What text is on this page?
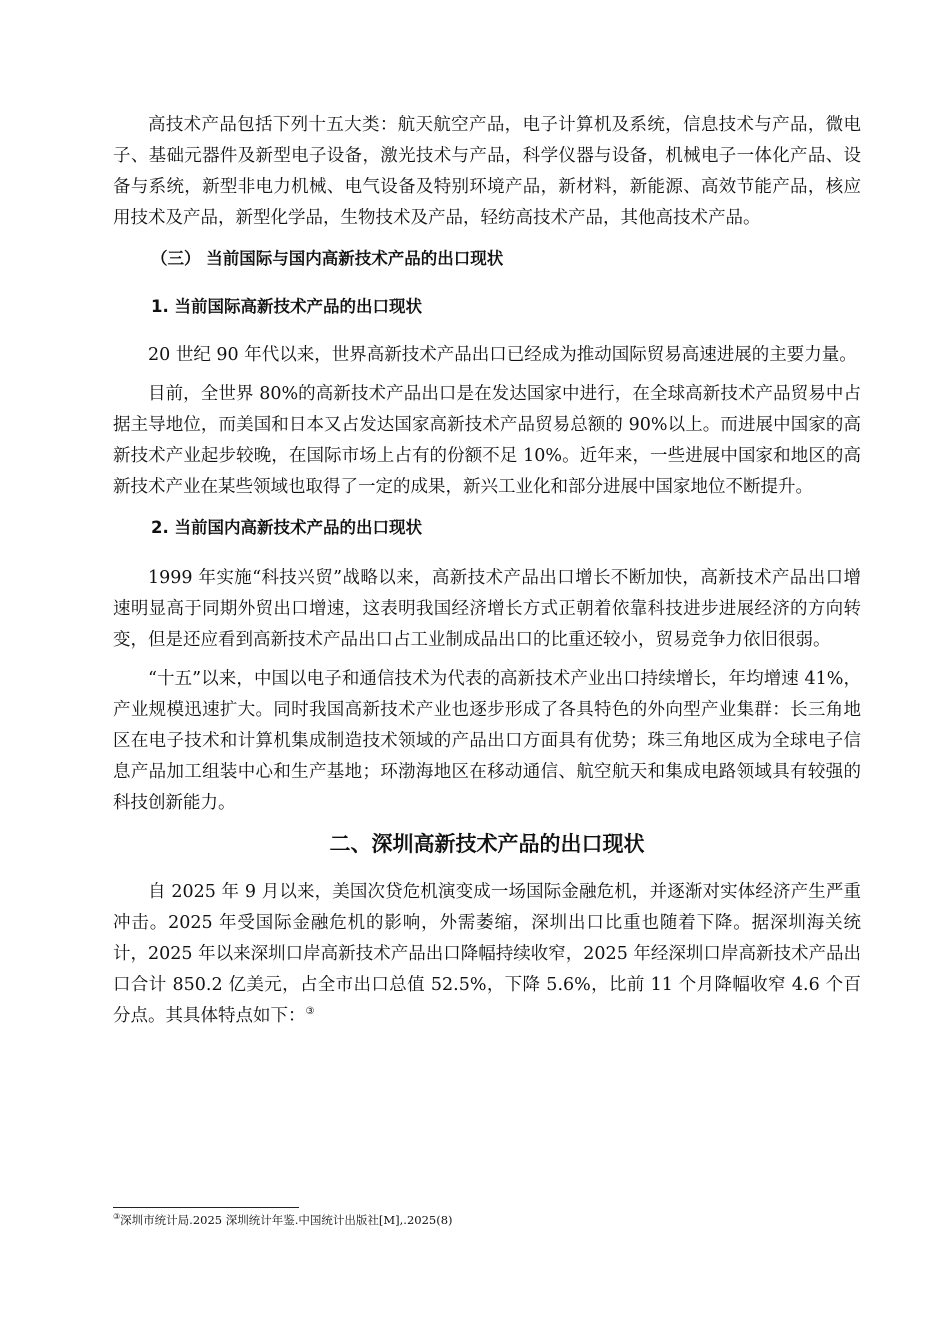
高技术产品包括下列十五大类：航天航空产品，电子计算机及系统，信息技术与产品，微电子、基础元器件及新型电子设备，激光技术与产品，科学仪器与设备，机械电子一体化产品、设备与系统，新型非电力机械、电气设备及特别环境产品，新材料，新能源、高效节能产品，核应用技术及产品，新型化学品，生物技术及产品，轻纺高技术产品，其他高技术产品。

（三） 当前国际与国内高新技术产品的出口现状
1. 当前国际高新技术产品的出口现状

20 世纪 90 年代以来，世界高新技术产品出口已经成为推动国际贸易高速进展的主要力量。

目前，全世界 80%的高新技术产品出口是在发达国家中进行，在全球高新技术产品贸易中占据主导地位，而美国和日本又占发达国家高新技术产品贸易总额的 90%以上。而进展中国家的高新技术产业起步较晚，在国际市场上占有的份额不足 10%。近年来，一些进展中国家和地区的高新技术产业在某些领域也取得了一定的成果，新兴工业化和部分进展中国家地位不断提升。

2. 当前国内高新技术产品的出口现状

1999 年实施“科技兴贸”战略以来，高新技术产品出口增长不断加快，高新技术产品出口增速明显高于同期外贸出口增速，这表明我国经济增长方式正朝着依靠科技进步进展经济的方向转变，但是还应看到高新技术产品出口占工业制成品出口的比重还较小，贸易竞争力依旧很弱。

“十五”以来，中国以电子和通信技术为代表的高新技术产业出口持续增长，年均增速 41%，产业规模迅速扩大。同时我国高新技术产业也逐步形成了各具特色的外向型产业集群：长三角地区在电子技术和计算机集成制造技术领域的产品出口方面具有优势；珠三角地区成为全球电子信息产品加工组装中心和生产基地；环渤海地区在移动通信、航空航天和集成电路领域具有较强的科技创新能力。

二、深圳高新技术产品的出口现状

自 2025 年 9 月以来，美国次贷危机演变成一场国际金融危机，并逐渐对实体经济产生严重冲击。2025 年受国际金融危机的影响，外需萎缩，深圳出口比重也随着下降。据深圳海关统计，2025 年以来深圳口岸高新技术产品出口降幅持续收窄，2025 年经深圳口岸高新技术产品出口合计 850.2 亿美元，占全市出口总值 52.5%，下降 5.6%，比前 11 个月降幅收窄 4.6 个百分点。其具体特点如下：③

③深圳市统计局.2025 深圳统计年鉴.中国统计出版社[M],.2025(8)
